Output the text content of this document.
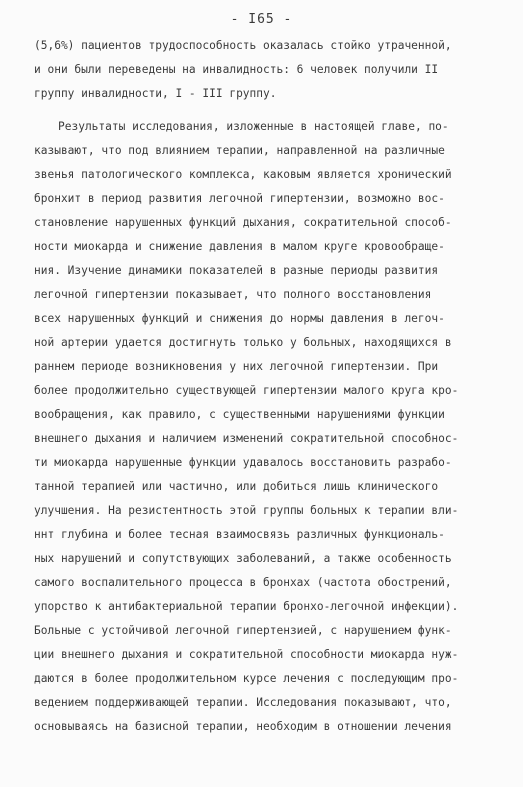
- I65 -
(5,6%) пациентов трудоспособность оказалась стойко утраченной,
и они были переведены на инвалидность: 6 человек получили II
группу инвалидности, I - III группу.
Результаты исследования, изложенные в настоящей главе, по-
казывают, что под влиянием терапии, направленной на различные
звенья патологического комплекса, каковым является хронический
бронхит в период развития легочной гипертензии, возможно вос-
становление нарушенных функций дыхания, сократительной способ-
ности миокарда и снижение давления в малом круге кровообраще-
ния. Изучение динамики показателей в разные периоды развития
легочной гипертензии показывает, что полного восстановления
всех нарушенных функций и снижения до нормы давления в легоч-
ной артерии удается достигнуть только у больных, находящихся в
раннем периоде возникновения у них легочной гипертензии. При
более продолжительно существующей гипертензии малого круга кро-
вообращения, как правило, с существенными нарушениями функции
внешнего дыхания и наличием изменений сократительной способнос-
ти миокарда нарушенные функции удавалось восстановить разрабо-
танной терапией или частично, или добиться лишь клинического
улучшения. На резистентность этой группы больных к терапии вли-
ннт глубина и более тесная взаимосвязь различных функциональ-
ных нарушений и сопутствующих заболеваний, а также особенность
самого воспалительного процесса в бронхах (частота обострений,
упорство к антибактериальной терапии бронхо-легочной инфекции).
Больные с устойчивой легочной гипертензией, с нарушением функ-
ции внешнего дыхания и сократительной способности миокарда нуж-
даются в более продолжительном курсе лечения с последующим про-
ведением поддерживающей терапии. Исследования показывают, что,
основываясь на базисной терапии, необходим в отношении лечения
